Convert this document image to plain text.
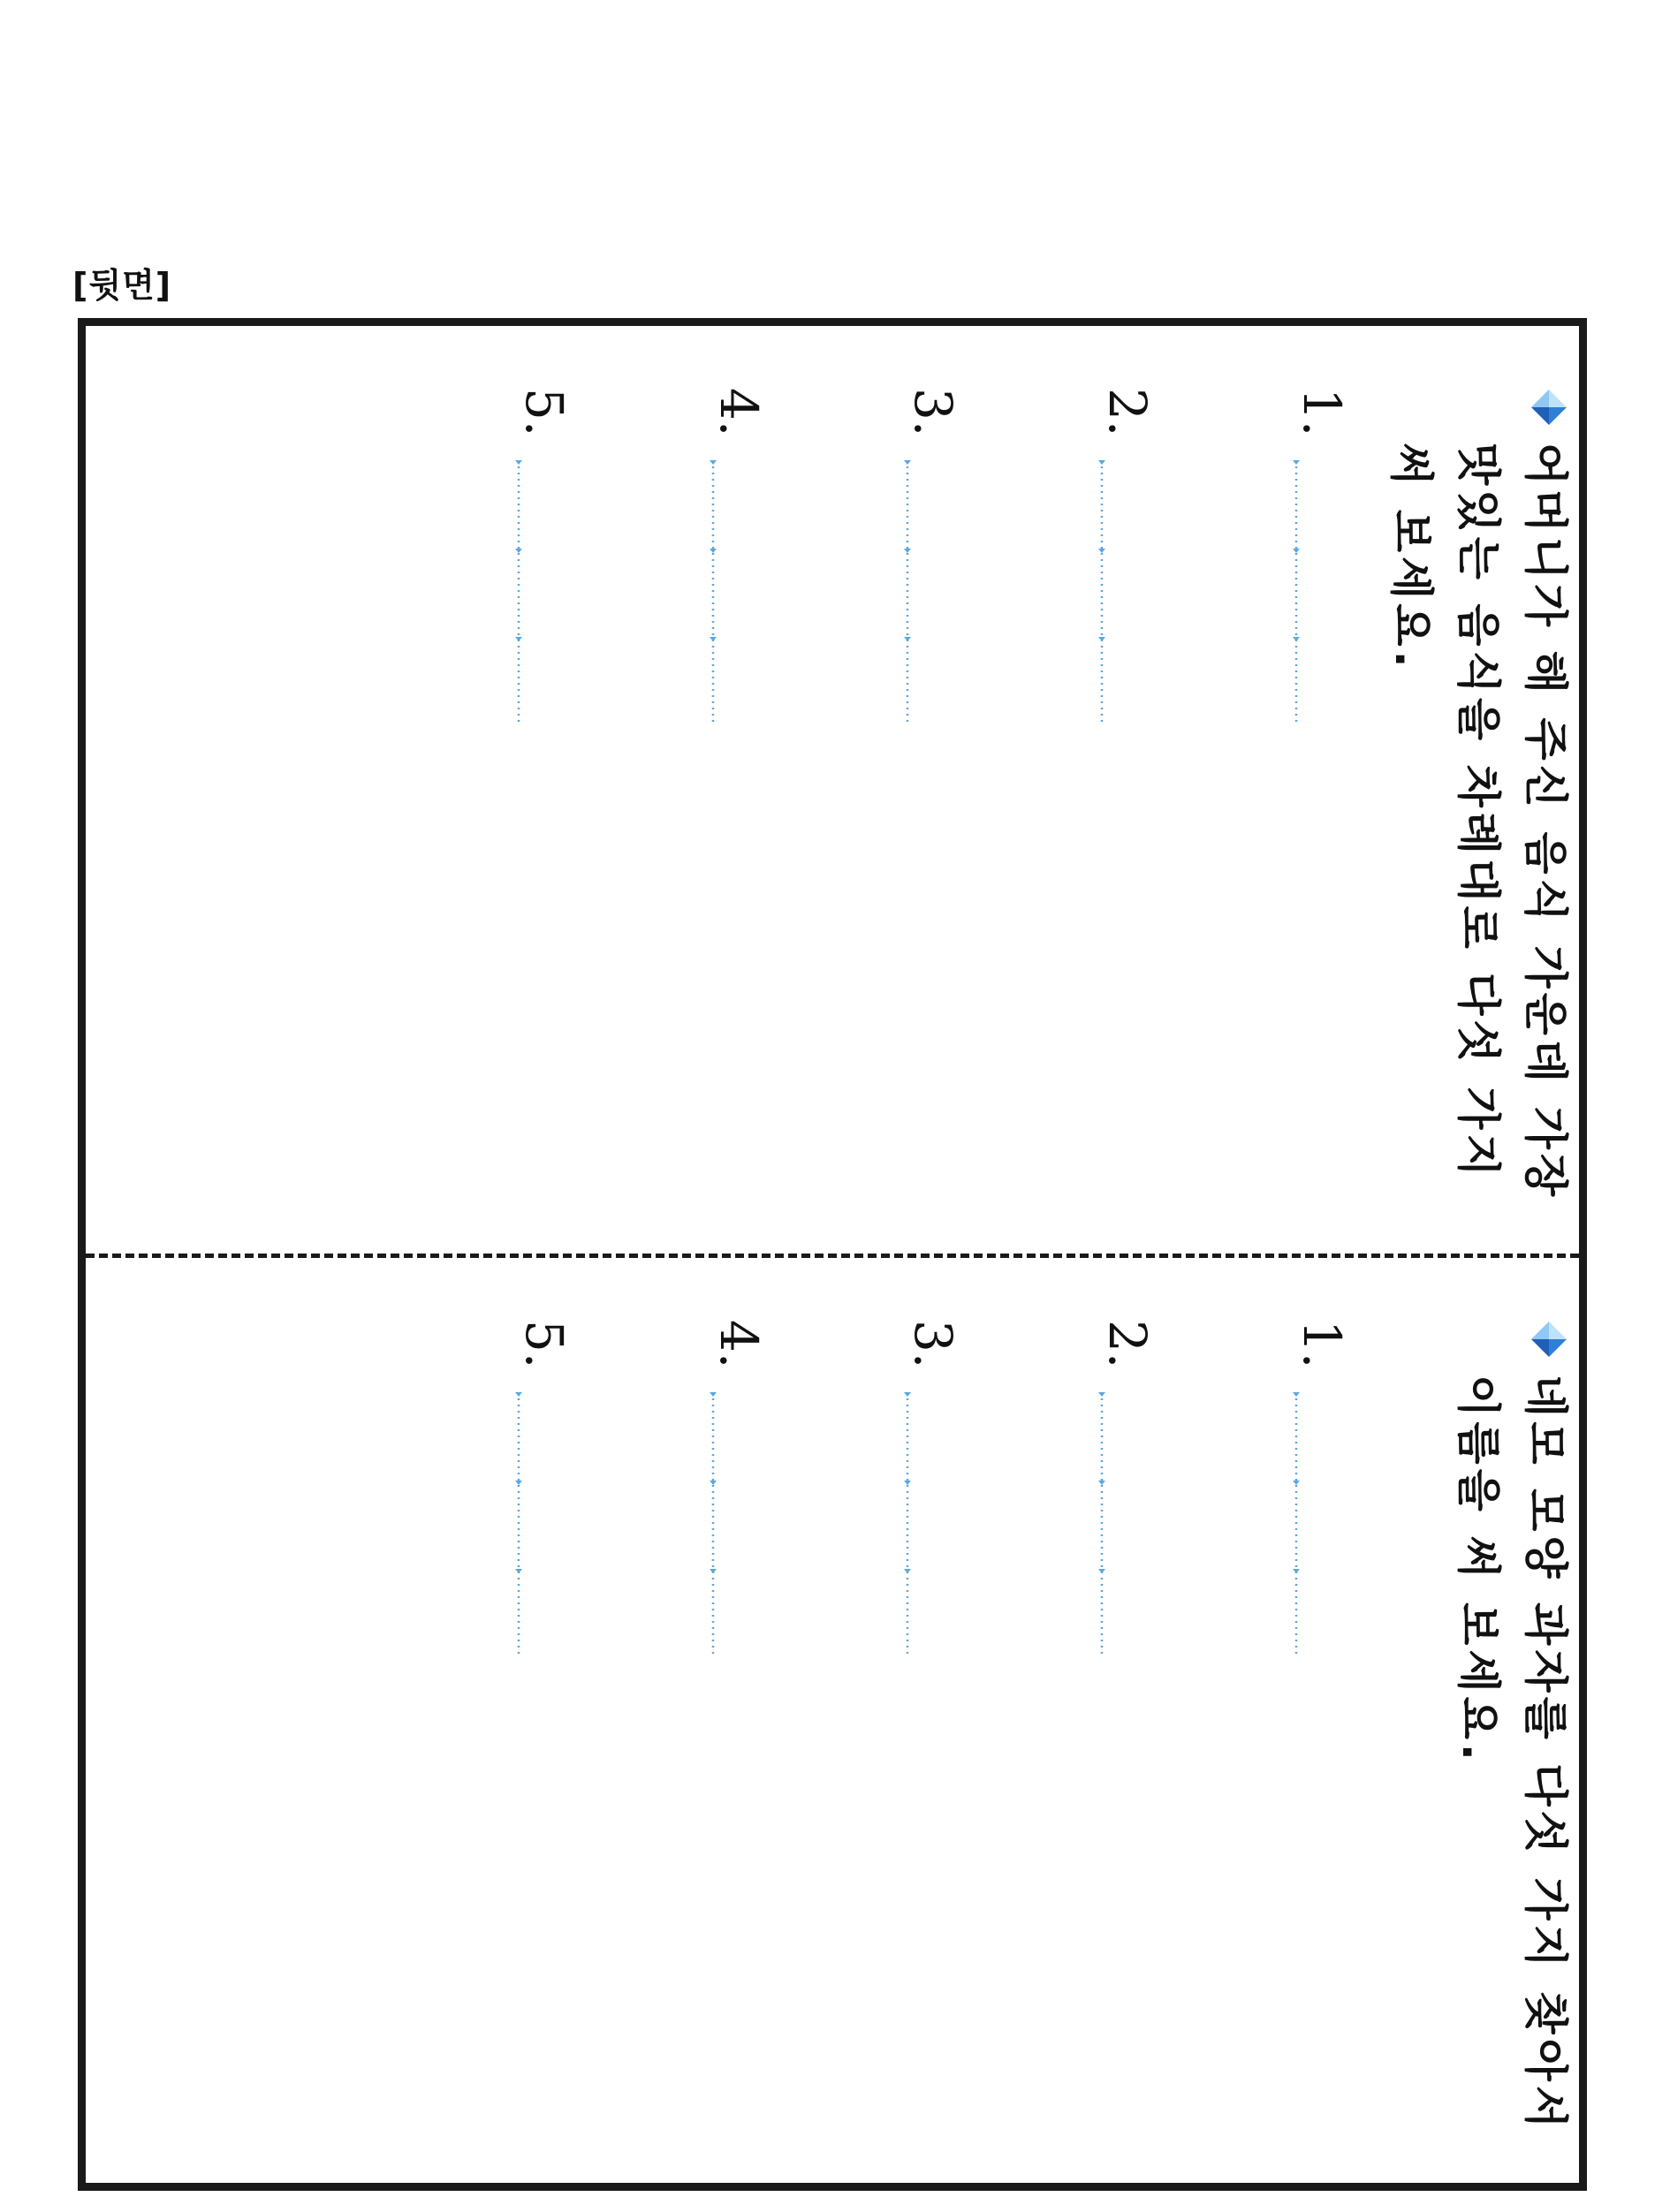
[뒷면]
어머니가 해 주신 음식 가운데 가장 맛있는 음식을 차례대로 다섯 가지 써 보세요.
1.
2.
3.
4.
5.
네모 모양 과자를 다섯 가지 찾아서 이름을 써 보세요.
1.
2.
3.
4.
5.
